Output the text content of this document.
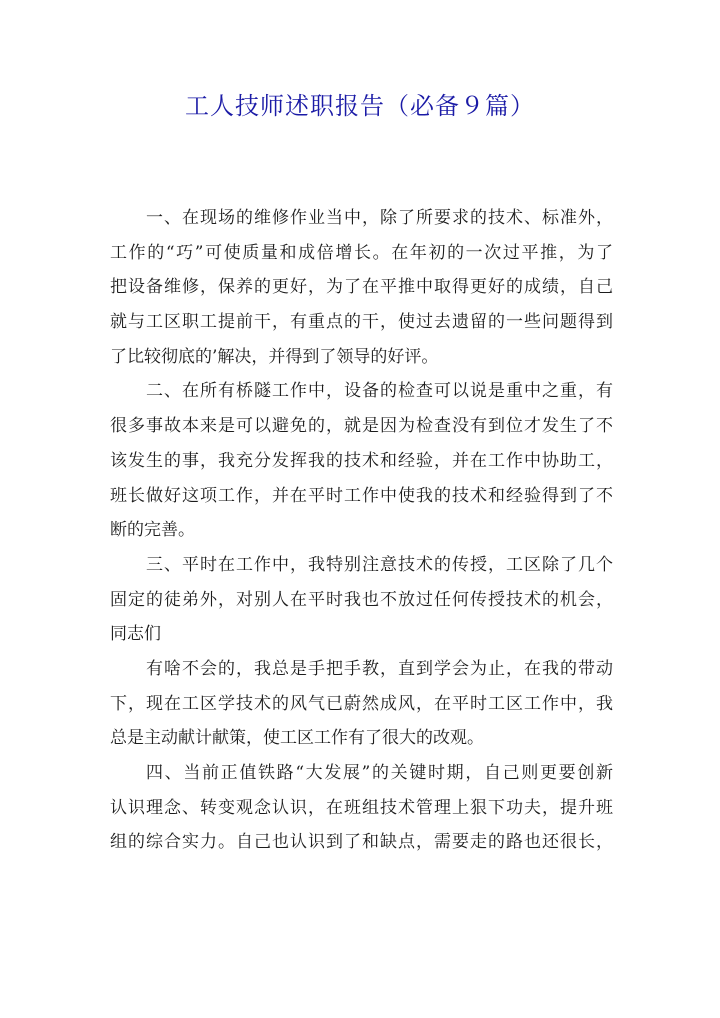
工人技师述职报告（必备９篇）
一、在现场的维修作业当中，除了所要求的技术、标准外，
工作的“巧”可使质量和成倍增长。在年初的一次过平推，为了
把设备维修，保养的更好，为了在平推中取得更好的成绩，自己
就与工区职工提前干，有重点的干，使过去遗留的一些问题得到
了比较彻底的’解决，并得到了领导的好评。
二、在所有桥隧工作中，设备的检查可以说是重中之重，有
很多事故本来是可以避免的，就是因为检查没有到位才发生了不
该发生的事，我充分发挥我的技术和经验，并在工作中协助工，
班长做好这项工作，并在平时工作中使我的技术和经验得到了不
断的完善。
三、平时在工作中，我特别注意技术的传授，工区除了几个
固定的徒弟外，对别人在平时我也不放过任何传授技术的机会，
同志们
有啥不会的，我总是手把手教，直到学会为止，在我的带动
下，现在工区学技术的风气已蔚然成风，在平时工区工作中，我
总是主动献计献策，使工区工作有了很大的改观。
四、当前正值铁路“大发展”的关键时期，自己则更要创新
认识理念、转变观念认识，在班组技术管理上狠下功夫，提升班
组的综合实力。自己也认识到了和缺点，需要走的路也还很长，
